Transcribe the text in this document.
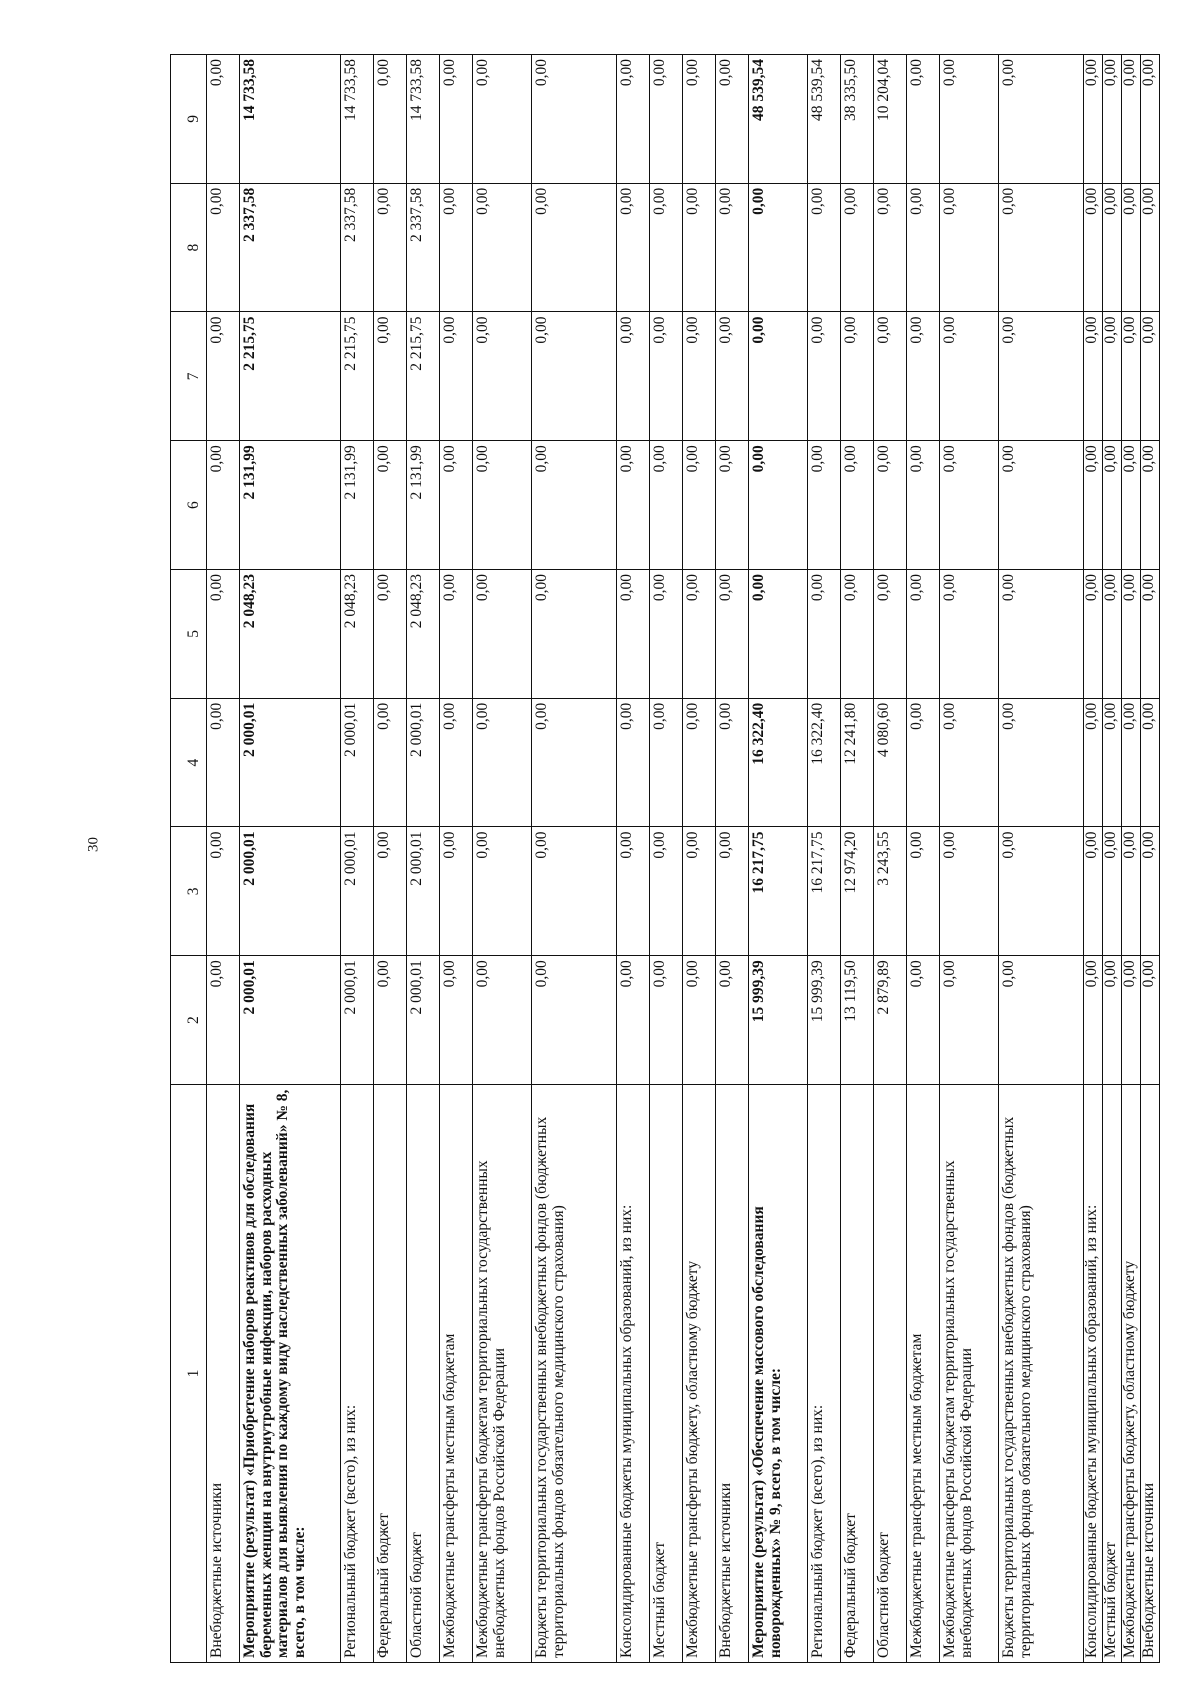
30
1	2	3	4	5	6	7	8	9
Внебюджетные источники	0,00	0,00	0,00	0,00	0,00	0,00	0,00	0,00
Мероприятие (результат) «Приобретение наборов реактивов для обследования беременных женщин на внутриутробные инфекции, наборов расходных материалов для выявления по каждому виду наследственных заболеваний» № 8, всего, в том числе:	2 000,01	2 000,01	2 000,01	2 048,23	2 131,99	2 215,75	2 337,58	14 733,58
Региональный бюджет (всего), из них:	2 000,01	2 000,01	2 000,01	2 048,23	2 131,99	2 215,75	2 337,58	14 733,58
Федеральный бюджет	0,00	0,00	0,00	0,00	0,00	0,00	0,00	0,00
Областной бюджет	2 000,01	2 000,01	2 000,01	2 048,23	2 131,99	2 215,75	2 337,58	14 733,58
Межбюджетные трансферты местным бюджетам	0,00	0,00	0,00	0,00	0,00	0,00	0,00	0,00
Межбюджетные трансферты бюджетам территориальных государственных внебюджетных фондов Российской Федерации	0,00	0,00	0,00	0,00	0,00	0,00	0,00	0,00
Бюджеты территориальных государственных внебюджетных фондов (бюджетных территориальных фондов обязательного медицинского страхования)	0,00	0,00	0,00	0,00	0,00	0,00	0,00	0,00
Консолидированные бюджеты муниципальных образований, из них:	0,00	0,00	0,00	0,00	0,00	0,00	0,00	0,00
Местный бюджет	0,00	0,00	0,00	0,00	0,00	0,00	0,00	0,00
Межбюджетные трансферты бюджету, областному бюджету	0,00	0,00	0,00	0,00	0,00	0,00	0,00	0,00
Внебюджетные источники	0,00	0,00	0,00	0,00	0,00	0,00	0,00	0,00
Мероприятие (результат) «Обеспечение массового обследования новорожденных» № 9, всего, в том числе:	15 999,39	16 217,75	16 322,40	0,00	0,00	0,00	0,00	48 539,54
Региональный бюджет (всего), из них:	15 999,39	16 217,75	16 322,40	0,00	0,00	0,00	0,00	48 539,54
Федеральный бюджет	13 119,50	12 974,20	12 241,80	0,00	0,00	0,00	0,00	38 335,50
Областной бюджет	2 879,89	3 243,55	4 080,60	0,00	0,00	0,00	0,00	10 204,04
Межбюджетные трансферты местным бюджетам	0,00	0,00	0,00	0,00	0,00	0,00	0,00	0,00
Межбюджетные трансферты бюджетам территориальных государственных внебюджетных фондов Российской Федерации	0,00	0,00	0,00	0,00	0,00	0,00	0,00	0,00
Бюджеты территориальных государственных внебюджетных фондов (бюджетных территориальных фондов обязательного медицинского страхования)	0,00	0,00	0,00	0,00	0,00	0,00	0,00	0,00
Консолидированные бюджеты муниципальных образований, из них:	0,00	0,00	0,00	0,00	0,00	0,00	0,00	0,00
Местный бюджет	0,00	0,00	0,00	0,00	0,00	0,00	0,00	0,00
Межбюджетные трансферты бюджету, областному бюджету	0,00	0,00	0,00	0,00	0,00	0,00	0,00	0,00
Внебюджетные источники	0,00	0,00	0,00	0,00	0,00	0,00	0,00	0,00
